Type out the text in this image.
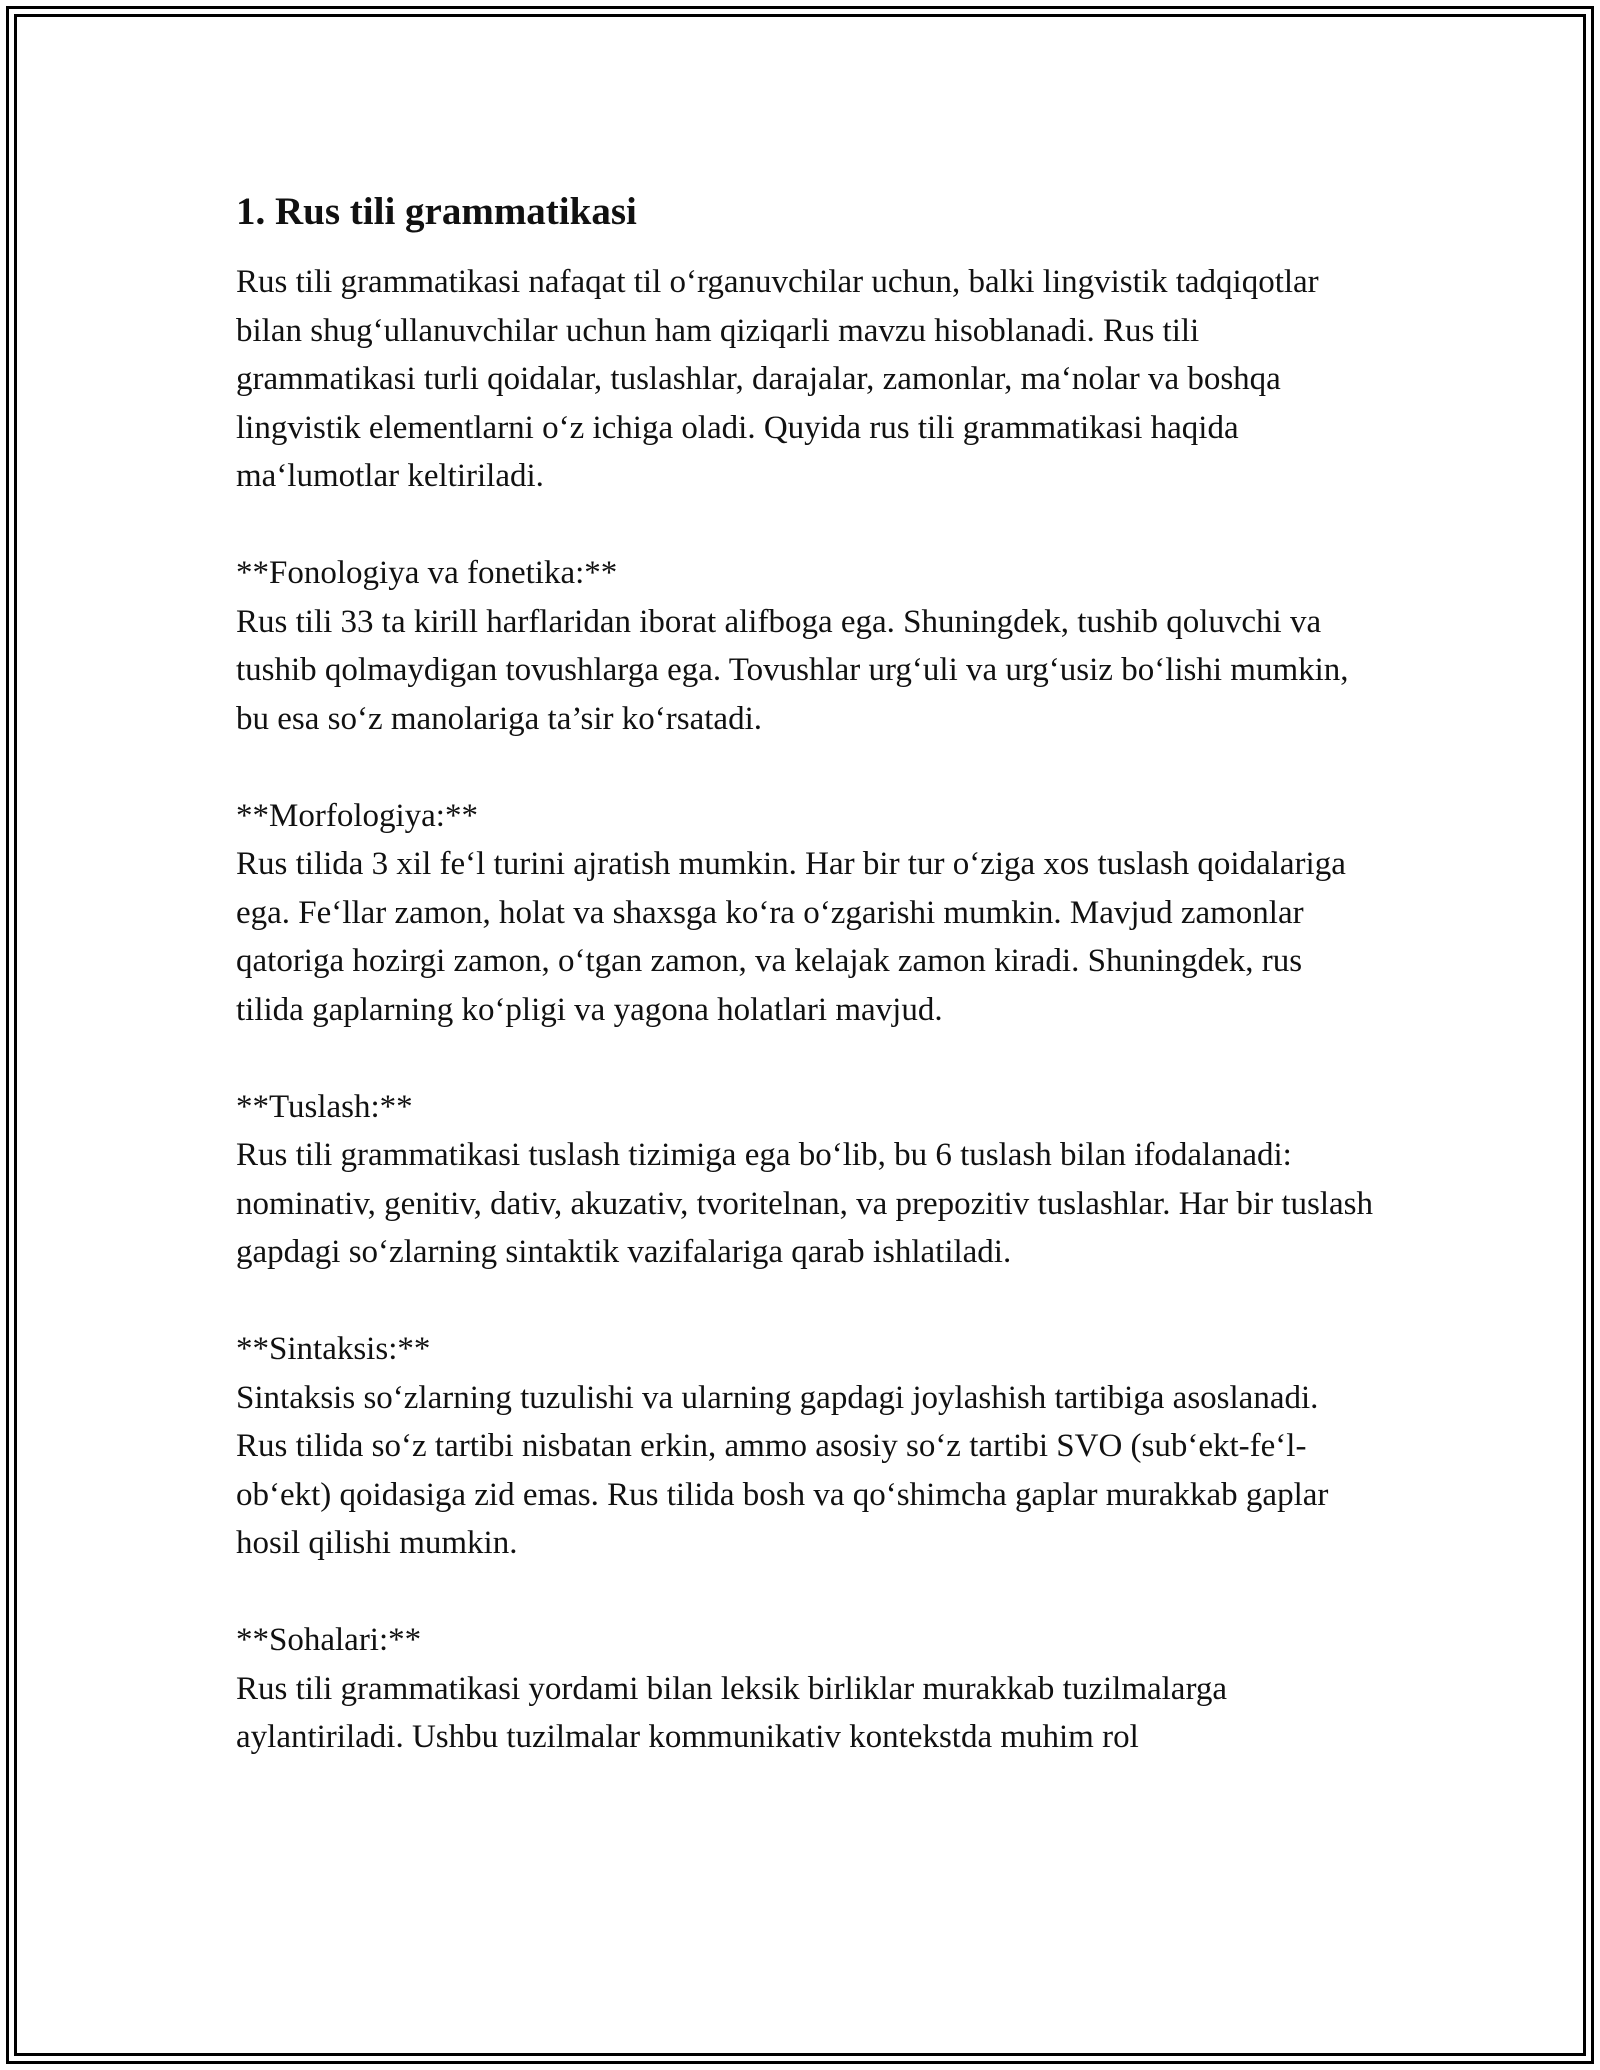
1. Rus tili grammatikasi

Rus tili grammatikasi nafaqat til o‘rganuvchilar uchun, balki lingvistik tadqiqotlar bilan shug‘ullanuvchilar uchun ham qiziqarli mavzu hisoblanadi. Rus tili grammatikasi turli qoidalar, tuslashlar, darajalar, zamonlar, ma‘nolar va boshqa lingvistik elementlarni o‘z ichiga oladi. Quyida rus tili grammatikasi haqida ma‘lumotlar keltiriladi.

**Fonologiya va fonetika:**
Rus tili 33 ta kirill harflaridan iborat alifboga ega. Shuningdek, tushib qoluvchi va tushib qolmaydigan tovushlarga ega. Tovushlar urg‘uli va urg‘usiz bo‘lishi mumkin, bu esa so‘z manolariga ta’sir ko‘rsatadi.
**Morfologiya:**
Rus tilida 3 xil fe‘l turini ajratish mumkin. Har bir tur o‘ziga xos tuslash qoidalariga ega. Fe‘llar zamon, holat va shaxsga ko‘ra o‘zgarishi mumkin. Mavjud zamonlar qatoriga hozirgi zamon, o‘tgan zamon, va kelajak zamon kiradi. Shuningdek, rus tilida gaplarning ko‘pligi va yagona holatlari mavjud.
**Tuslash:**
Rus tili grammatikasi tuslash tizimiga ega bo‘lib, bu 6 tuslash bilan ifodalanadi: nominativ, genitiv, dativ, akuzativ, tvoritelnan, va prepozitiv tuslashlar. Har bir tuslash gapdagi so‘zlarning sintaktik vazifalariga qarab ishlatiladi.
**Sintaksis:**
Sintaksis so‘zlarning tuzulishi va ularning gapdagi joylashish tartibiga asoslanadi. Rus tilida so‘z tartibi nisbatan erkin, ammo asosiy so‘z tartibi SVO (sub‘ekt-fe‘l-ob‘ekt) qoidasiga zid emas. Rus tilida bosh va qo‘shimcha gaplar murakkab gaplar hosil qilishi mumkin.
**Sohalari:**
Rus tili grammatikasi yordami bilan leksik birliklar murakkab tuzilmalarga aylantiriladi. Ushbu tuzilmalar kommunikativ kontekstda muhim rol
